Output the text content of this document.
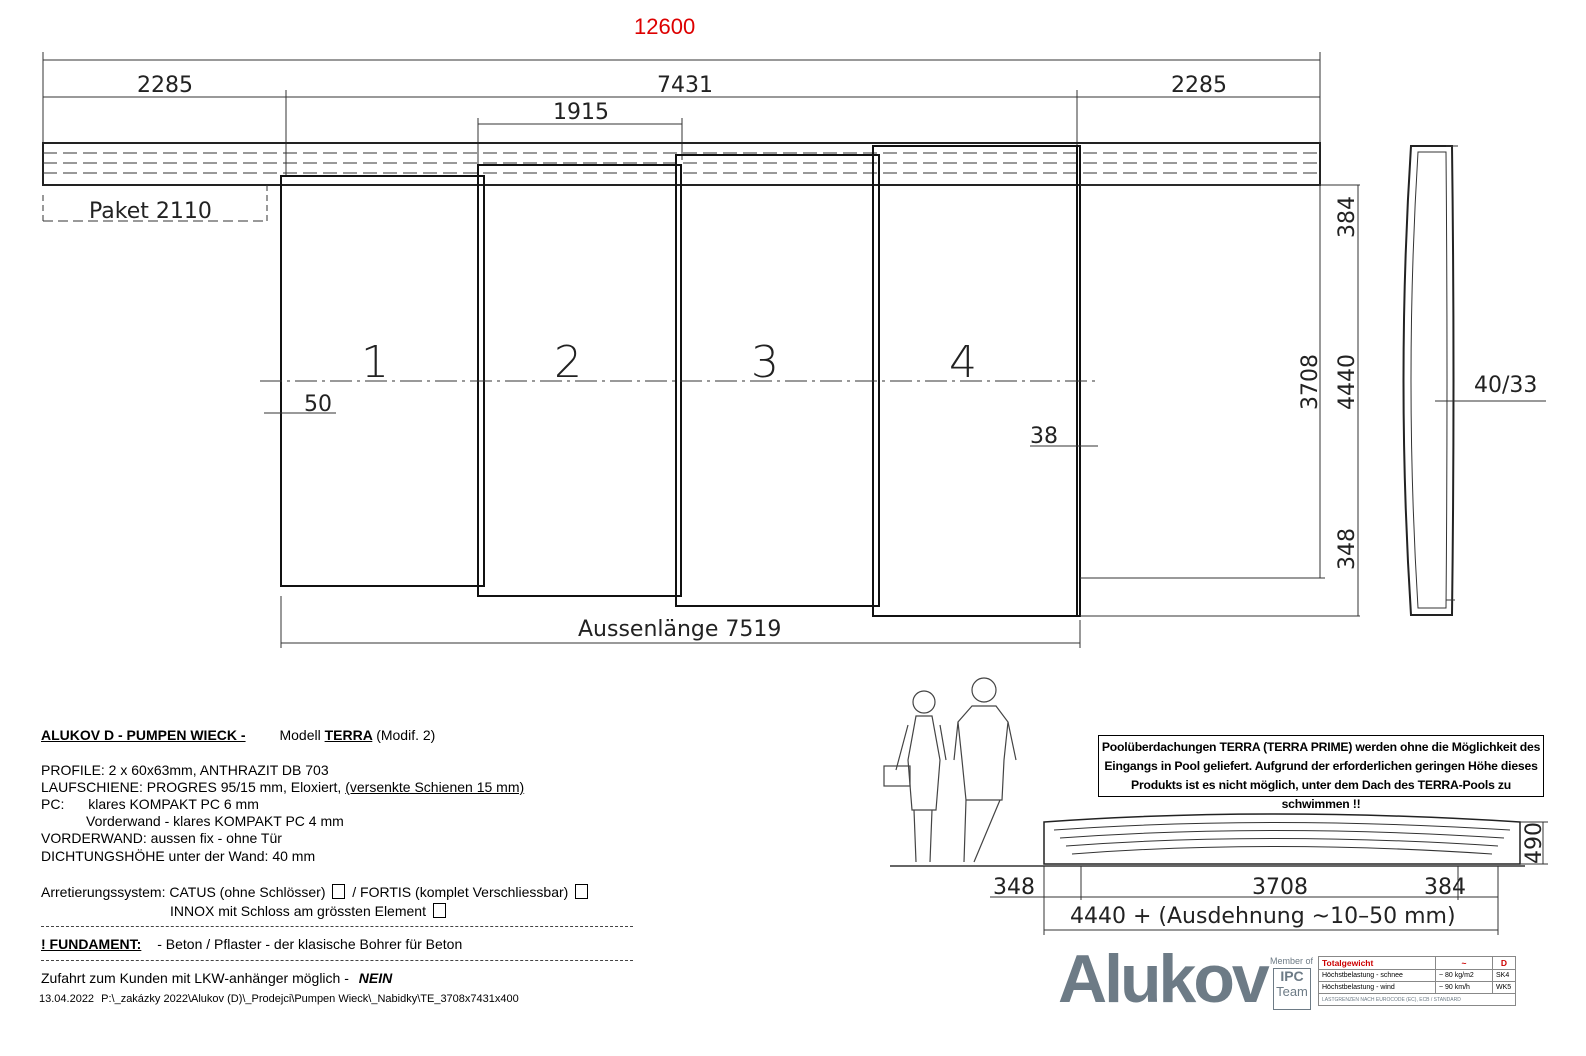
12600
2285	7431	2285
1915
Paket 2110
1	2	3	4
50
38
Aussenlänge 7519
384
3708 4440
348
40/33
348	3708	384
490
4440 + (Ausdehnung ~10–50 mm)
ALUKOV D - PUMPEN WIECK - Modell TERRA (Modif. 2)
PROFILE: 2 x 60x63mm, ANTHRAZIT DB 703
LAUFSCHIENE: PROGRES 95/15 mm, Eloxiert, (versenkte Schienen 15 mm)
PC: klares KOMPAKT PC 6 mm
Vorderwand - klares KOMPAKT PC 4 mm
VORDERWAND: aussen fix - ohne Tür
DICHTUNGSHÖHE unter der Wand: 40 mm
Arretierungssystem: CATUS (ohne Schlösser) / FORTIS (komplet Verschliessbar)
INNOX mit Schloss am grössten Element
! FUNDAMENT: - Beton / Pflaster - der klasische Bohrer für Beton
Zufahrt zum Kunden mit LKW-anhänger möglich - NEIN
13.04.2022 P:\_zakázky 2022\Alukov (D)\_Prodejci\Pumpen Wieck\_Nabidky\TE_3708x7431x400
Poolüberdachungen TERRA (TERRA PRIME) werden ohne die Möglichkeit des
Eingangs in Pool geliefert. Aufgrund der erforderlichen geringen Höhe dieses
Produkts ist es nicht möglich, unter dem Dach des TERRA-Pools zu schwimmen !!
Alukov Member of
IPC
Team
Totalgewicht	~	D
Höchstbelastung - schnee	~ 80 kg/m2	SK4
Höchstbelastung - wind	~ 90 km/h	WK5
LASTGRENZEN NACH EUROCODE (EC), ECB / STANDARD		
